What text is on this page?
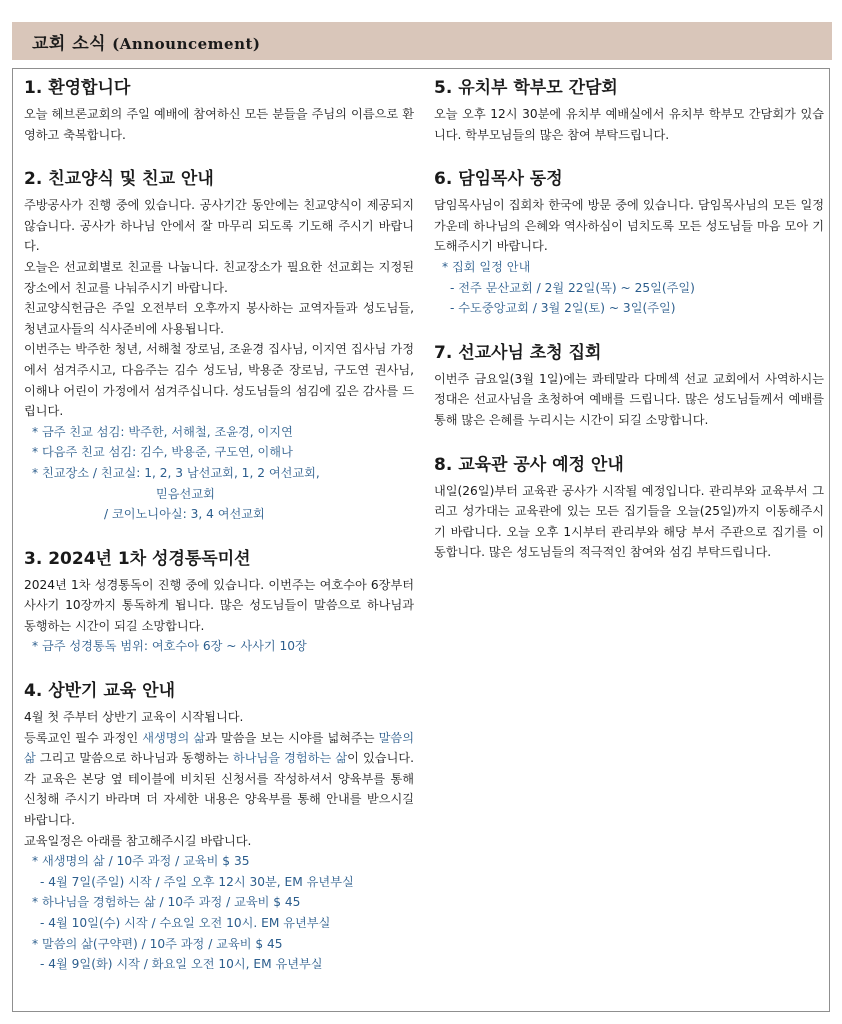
교회 소식 (Announcement)
1. 환영합니다

오늘 헤브론교회의 주일 예배에 참여하신 모든 분들을 주님의 이름으로 환영하고 축복합니다.

2. 친교양식 및 친교 안내

주방공사가 진행 중에 있습니다. 공사기간 동안에는 친교양식이 제공되지 않습니다. 공사가 하나님 안에서 잘 마무리 되도록 기도해 주시기 바랍니다.

오늘은 선교회별로 친교를 나눕니다. 친교장소가 필요한 선교회는 지정된 장소에서 친교를 나눠주시기 바랍니다.

친교양식헌금은 주일 오전부터 오후까지 봉사하는 교역자들과 성도님들, 청년교사들의 식사준비에 사용됩니다.

이번주는 박주한 청년, 서해철 장로님, 조윤경 집사님, 이지연 집사님 가정에서 섬겨주시고, 다음주는 김수 성도님, 박용준 장로님, 구도연 권사님, 이해나 어린이 가정에서 섬겨주십니다. 성도님들의 섬김에 깊은 감사를 드립니다.

* 금주 친교 섬김: 박주한, 서해철, 조윤경, 이지연
* 다음주 친교 섬김: 김수, 박용준, 구도연, 이해나
* 친교장소 / 친교실: 1, 2, 3 남선교회, 1, 2 여선교회,
믿음선교회
/ 코이노니아실: 3, 4 여선교회
3. 2024년 1차 성경통독미션

2024년 1차 성경통독이 진행 중에 있습니다. 이번주는 여호수아 6장부터 사사기 10장까지 통독하게 됩니다. 많은 성도님들이 말씀으로 하나님과 동행하는 시간이 되길 소망합니다.

* 금주 성경통독 범위: 여호수아 6장 ~ 사사기 10장
4. 상반기 교육 안내

4월 첫 주부터 상반기 교육이 시작됩니다.

등록교인 필수 과정인 새생명의 삶과 말씀을 보는 시야를 넓혀주는 말씀의 삶 그리고 말씀으로 하나님과 동행하는 하나님을 경험하는 삶이 있습니다. 각 교육은 본당 옆 테이블에 비치된 신청서를 작성하셔서 양육부를 통해 신청해 주시기 바라며 더 자세한 내용은 양육부를 통해 안내를 받으시길 바랍니다.

교육일정은 아래를 참고해주시길 바랍니다.

* 새생명의 삶 / 10주 과정 / 교육비 $ 35
- 4월 7일(주일) 시작 / 주일 오후 12시 30분, EM 유년부실
* 하나님을 경험하는 삶 / 10주 과정 / 교육비 $ 45
- 4월 10일(수) 시작 / 수요일 오전 10시. EM 유년부실
* 말씀의 삶(구약편) / 10주 과정 / 교육비 $ 45
- 4월 9일(화) 시작 / 화요일 오전 10시, EM 유년부실
5. 유치부 학부모 간담회

오늘 오후 12시 30분에 유치부 예배실에서 유치부 학부모 간담회가 있습니다. 학부모님들의 많은 참여 부탁드립니다.

6. 담임목사 동정

담임목사님이 집회차 한국에 방문 중에 있습니다. 담임목사님의 모든 일정 가운데 하나님의 은혜와 역사하심이 넘치도록 모든 성도님들 마음 모아 기도해주시기 바랍니다.

* 집회 일정 안내
- 전주 문산교회 / 2월 22일(목) ~ 25일(주일)
- 수도중앙교회 / 3월 2일(토) ~ 3일(주일)
7. 선교사님 초청 집회

이번주 금요일(3월 1일)에는 콰테말라 다메섹 선교 교회에서 사역하시는 정대은 선교사님을 초청하여 예배를 드립니다. 많은 성도님들께서 예배를 통해 많은 은혜를 누리시는 시간이 되길 소망합니다.

8. 교육관 공사 예정 안내

내일(26일)부터 교육관 공사가 시작될 예정입니다. 관리부와 교육부서 그리고 성가대는 교육관에 있는 모든 집기들을 오늘(25일)까지 이동해주시기 바랍니다. 오늘 오후 1시부터 관리부와 해당 부서 주관으로 집기를 이동합니다. 많은 성도님들의 적극적인 참여와 섬김 부탁드립니다.
